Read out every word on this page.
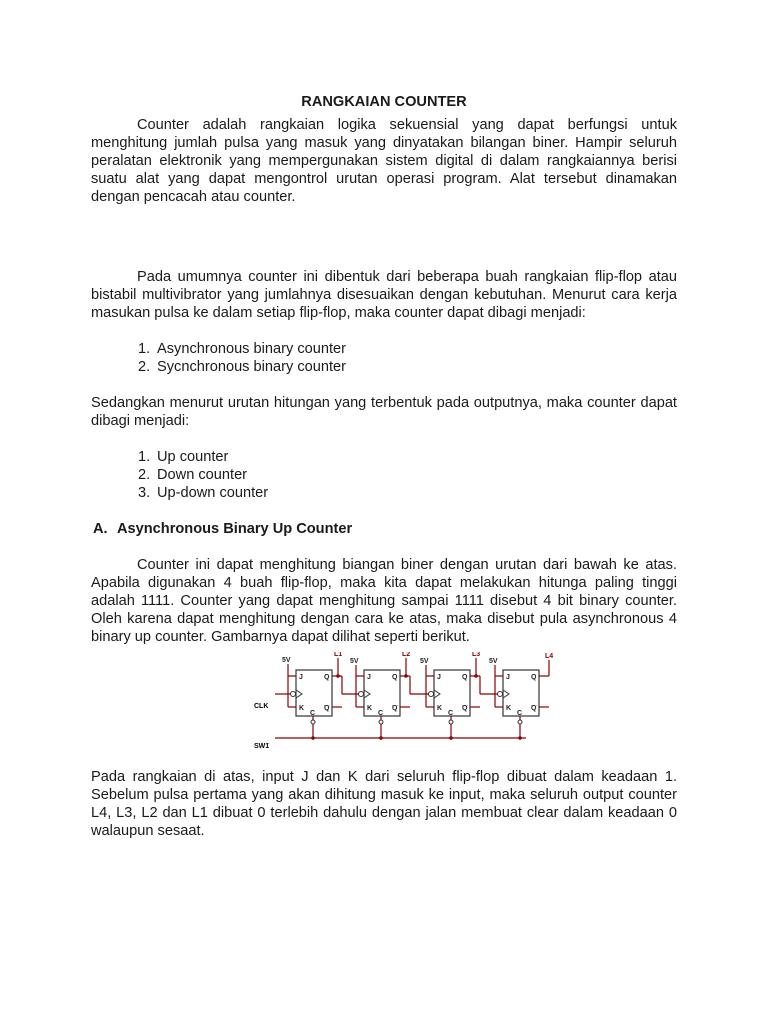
RANGKAIAN COUNTER

Counter adalah rangkaian logika sekuensial yang dapat berfungsi untuk menghitung jumlah pulsa yang masuk yang dinyatakan bilangan biner. Hampir seluruh peralatan elektronik yang mempergunakan sistem digital di dalam rangkaiannya berisi suatu alat yang dapat mengontrol urutan operasi program. Alat tersebut dinamakan dengan pencacah atau counter.

Pada umumnya counter ini dibentuk dari beberapa buah rangkaian flip-flop atau bistabil multivibrator yang jumlahnya disesuaikan dengan kebutuhan. Menurut cara kerja masukan pulsa ke dalam setiap flip-flop, maka counter dapat dibagi menjadi:

1. Asynchronous binary counter
2. Sycnchronous binary counter

Sedangkan menurut urutan hitungan yang terbentuk pada outputnya, maka counter dapat dibagi menjadi:

1. Up counter
2. Down counter
3. Up-down counter

A. Asynchronous Binary Up Counter

Counter ini dapat menghitung biangan biner dengan urutan dari bawah ke atas. Apabila digunakan 4 buah flip-flop, maka kita dapat melakukan hitunga paling tinggi adalah 1111. Counter yang dapat menghitung sampai 1111 disebut 4 bit binary counter. Oleh karena dapat menghitung dengan cara ke atas, maka disebut pula asynchronous 4 binary up counter. Gambarnya dapat dilihat seperti berikut.

CLK
SW1
J
K
Q
Q
C
J
K
Q
Q
C
J
K
Q
Q
C
J
K
Q
Q
C
5V
L1	L2	L3	L4
5V	5V	5V

Pada rangkaian di atas, input J dan K dari seluruh flip-flop dibuat dalam keadaan 1. Sebelum pulsa pertama yang akan dihitung masuk ke input, maka seluruh output counter L4, L3, L2 dan L1 dibuat 0 terlebih dahulu dengan jalan membuat clear dalam keadaan 0 walaupun sesaat.
